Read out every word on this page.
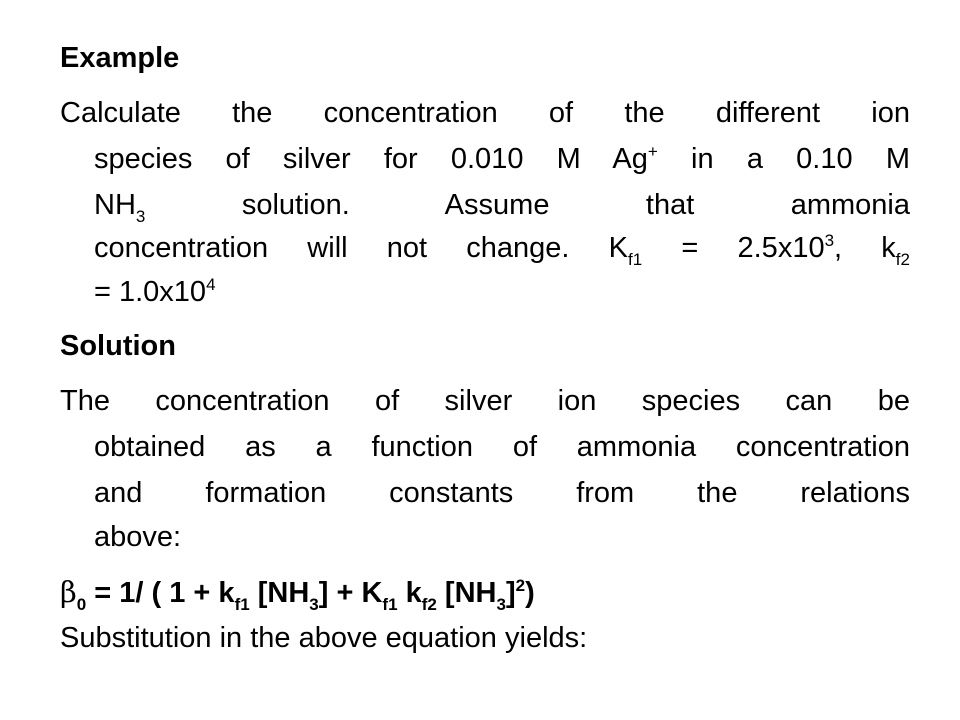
Example
Calculate the concentration of the different ion
species of silver for 0.010 M Ag+ in a 0.10 M
$NH_3$ solution. Assume that ammonia
concentration will not change. $K_{f1} = 2.5x10^3$, $k_{f2}$
= $1.0x10^4$
Solution
The concentration of silver ion species can be
obtained as a function of ammonia concentration
and formation constants from the relations
above:
$\beta_0 = 1/$ ( $1 + k_{f1}$ $[NH_3] + K_{f1}$ $k_{f2}$ $[NH_3]^2$)
Substitution in the above equation yields:
